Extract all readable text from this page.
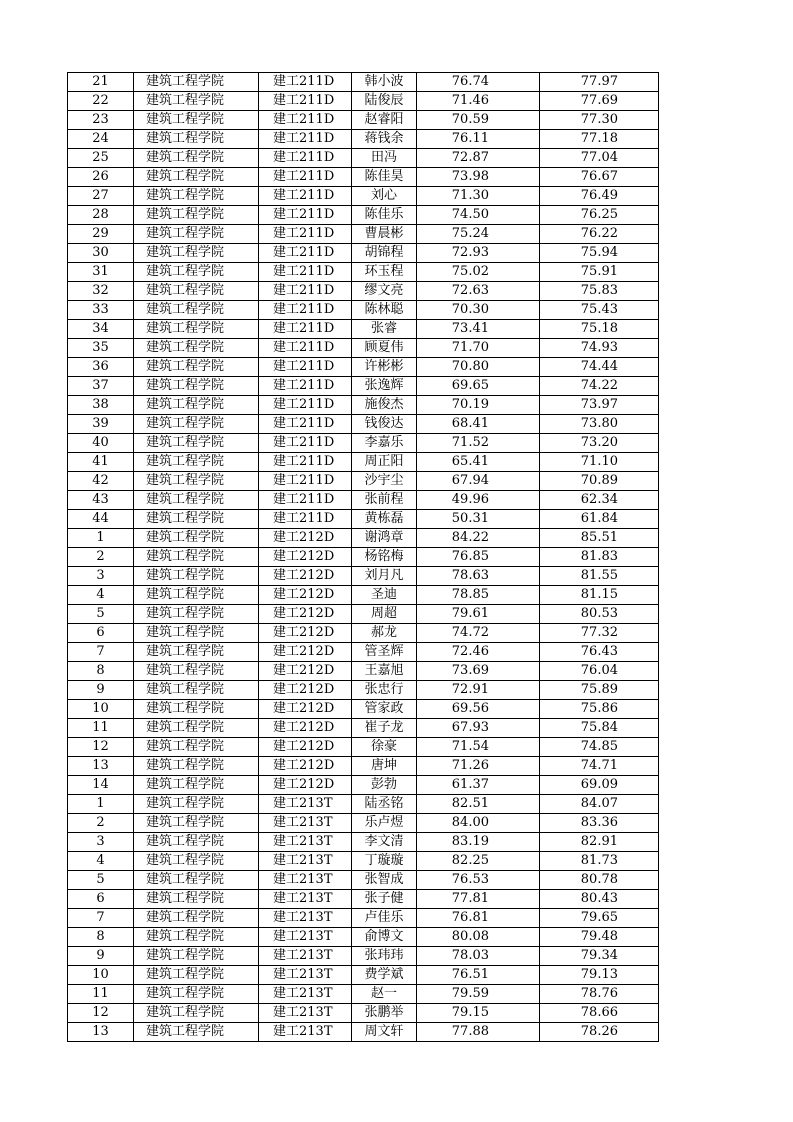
21	建筑工程学院	建工211D	韩小波	76.74	77.97
22	建筑工程学院	建工211D	陆俊辰	71.46	77.69
23	建筑工程学院	建工211D	赵睿阳	70.59	77.30
24	建筑工程学院	建工211D	蒋钱余	76.11	77.18
25	建筑工程学院	建工211D	田冯	72.87	77.04
26	建筑工程学院	建工211D	陈佳昊	73.98	76.67
27	建筑工程学院	建工211D	刘心	71.30	76.49
28	建筑工程学院	建工211D	陈佳乐	74.50	76.25
29	建筑工程学院	建工211D	曹晨彬	75.24	76.22
30	建筑工程学院	建工211D	胡锦程	72.93	75.94
31	建筑工程学院	建工211D	环玉程	75.02	75.91
32	建筑工程学院	建工211D	缪文亮	72.63	75.83
33	建筑工程学院	建工211D	陈林聪	70.30	75.43
34	建筑工程学院	建工211D	张睿	73.41	75.18
35	建筑工程学院	建工211D	顾夏伟	71.70	74.93
36	建筑工程学院	建工211D	许彬彬	70.80	74.44
37	建筑工程学院	建工211D	张逸辉	69.65	74.22
38	建筑工程学院	建工211D	施俊杰	70.19	73.97
39	建筑工程学院	建工211D	钱俊达	68.41	73.80
40	建筑工程学院	建工211D	李嘉乐	71.52	73.20
41	建筑工程学院	建工211D	周正阳	65.41	71.10
42	建筑工程学院	建工211D	沙宇尘	67.94	70.89
43	建筑工程学院	建工211D	张前程	49.96	62.34
44	建筑工程学院	建工211D	黄栋磊	50.31	61.84
1	建筑工程学院	建工212D	谢鸿章	84.22	85.51
2	建筑工程学院	建工212D	杨铭梅	76.85	81.83
3	建筑工程学院	建工212D	刘月凡	78.63	81.55
4	建筑工程学院	建工212D	圣迪	78.85	81.15
5	建筑工程学院	建工212D	周超	79.61	80.53
6	建筑工程学院	建工212D	郝龙	74.72	77.32
7	建筑工程学院	建工212D	管圣辉	72.46	76.43
8	建筑工程学院	建工212D	王嘉旭	73.69	76.04
9	建筑工程学院	建工212D	张忠行	72.91	75.89
10	建筑工程学院	建工212D	管家政	69.56	75.86
11	建筑工程学院	建工212D	崔子龙	67.93	75.84
12	建筑工程学院	建工212D	徐豪	71.54	74.85
13	建筑工程学院	建工212D	唐坤	71.26	74.71
14	建筑工程学院	建工212D	彭勃	61.37	69.09
1	建筑工程学院	建工213T	陆丞铭	82.51	84.07
2	建筑工程学院	建工213T	乐卢煜	84.00	83.36
3	建筑工程学院	建工213T	李文清	83.19	82.91
4	建筑工程学院	建工213T	丁璇璇	82.25	81.73
5	建筑工程学院	建工213T	张智成	76.53	80.78
6	建筑工程学院	建工213T	张子健	77.81	80.43
7	建筑工程学院	建工213T	卢佳乐	76.81	79.65
8	建筑工程学院	建工213T	俞博文	80.08	79.48
9	建筑工程学院	建工213T	张玮玮	78.03	79.34
10	建筑工程学院	建工213T	费学斌	76.51	79.13
11	建筑工程学院	建工213T	赵一	79.59	78.76
12	建筑工程学院	建工213T	张鹏举	79.15	78.66
13	建筑工程学院	建工213T	周文轩	77.88	78.26
